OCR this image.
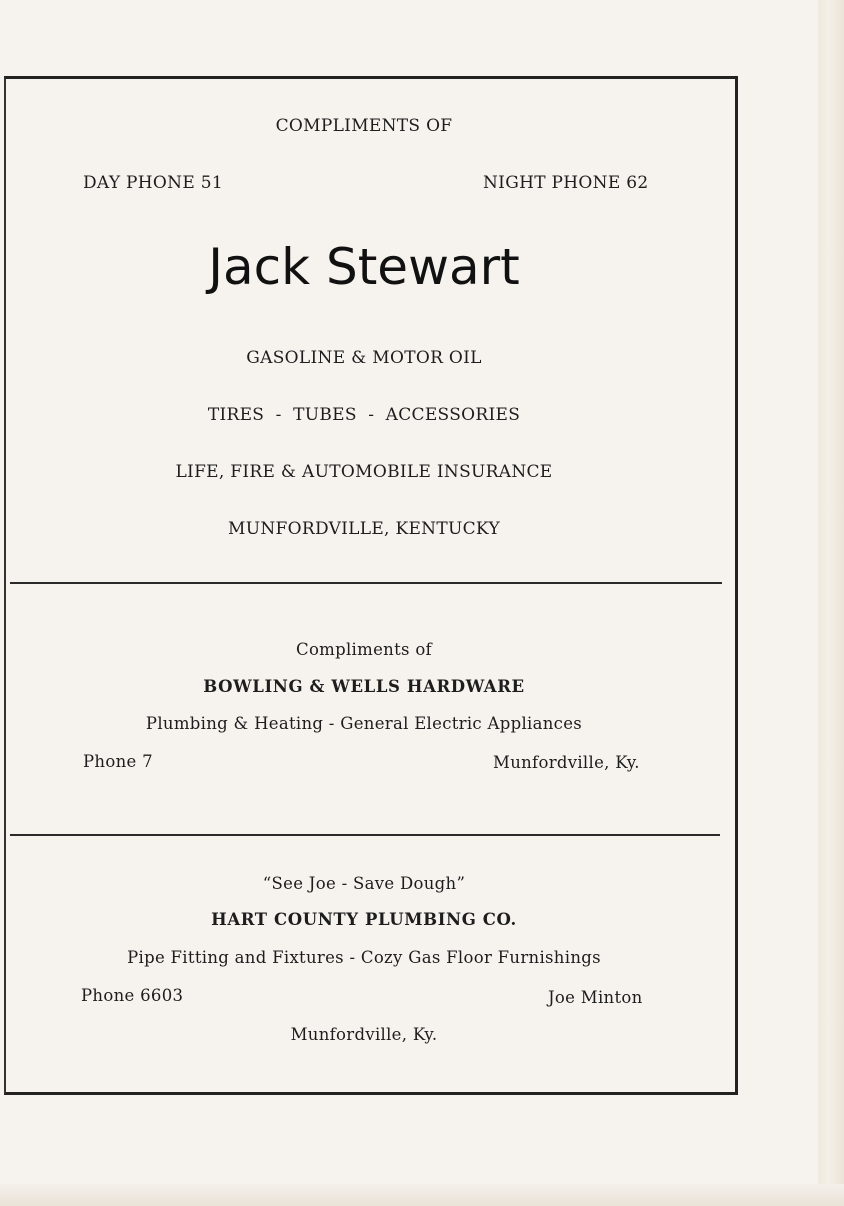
COMPLIMENTS OF
DAY PHONE 51	NIGHT PHONE 62
Jack Stewart
GASOLINE & MOTOR OIL
TIRES  -  TUBES  -  ACCESSORIES
LIFE, FIRE & AUTOMOBILE INSURANCE
MUNFORDVILLE, KENTUCKY
Compliments of
BOWLING & WELLS HARDWARE
Plumbing & Heating - General Electric Appliances
Phone 7	Munfordville, Ky.
“See Joe - Save Dough”
HART COUNTY PLUMBING CO.
Pipe Fitting and Fixtures - Cozy Gas Floor Furnishings
Phone 6603	Joe Minton
Munfordville, Ky.
